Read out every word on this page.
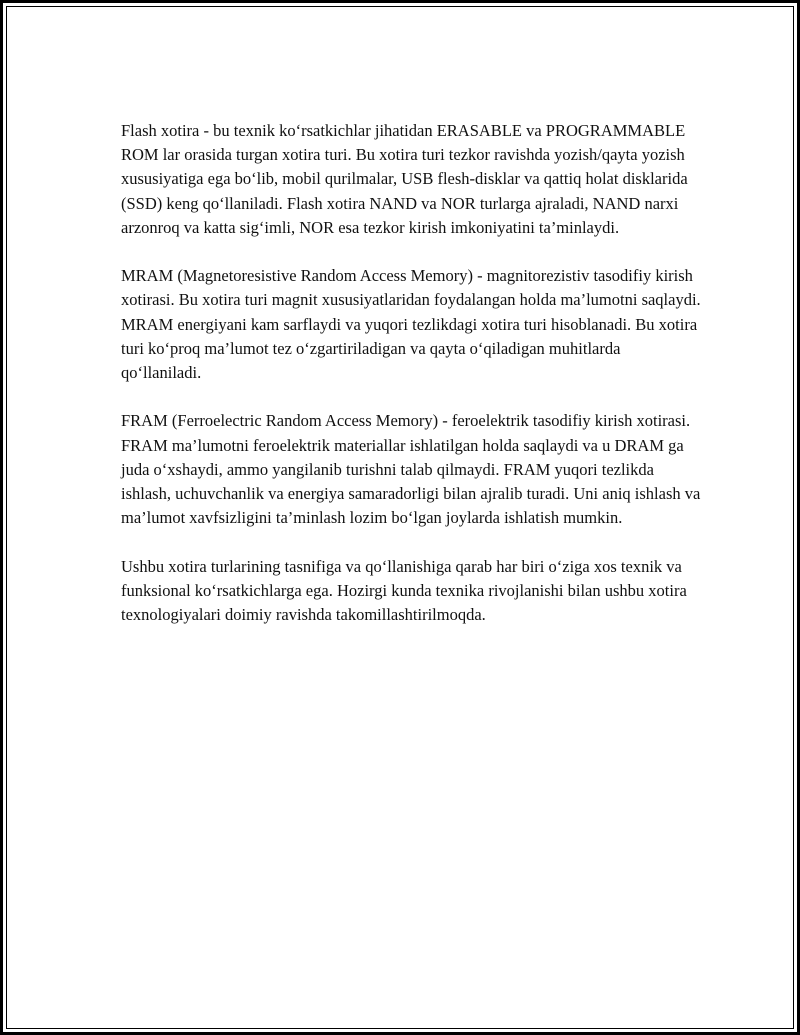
Flash xotira - bu texnik ko‘rsatkichlar jihatidan ERASABLE va PROGRAMMABLE ROM lar orasida turgan xotira turi. Bu xotira turi tezkor ravishda yozish/qayta yozish xususiyatiga ega bo‘lib, mobil qurilmalar, USB flesh-disklar va qattiq holat disklarida (SSD) keng qo‘llaniladi. Flash xotira NAND va NOR turlarga ajraladi, NAND narxi arzonroq va katta sig‘imli, NOR esa tezkor kirish imkoniyatini ta’minlaydi.

MRAM (Magnetoresistive Random Access Memory) - magnitorezistiv tasodifiy kirish xotirasi. Bu xotira turi magnit xususiyatlaridan foydalangan holda ma’lumotni saqlaydi. MRAM energiyani kam sarflaydi va yuqori tezlikdagi xotira turi hisoblanadi. Bu xotira turi ko‘proq ma’lumot tez o‘zgartiriladigan va qayta o‘qiladigan muhitlarda qo‘llaniladi.

FRAM (Ferroelectric Random Access Memory) - feroelektrik tasodifiy kirish xotirasi. FRAM ma’lumotni feroelektrik materiallar ishlatilgan holda saqlaydi va u DRAM ga juda o‘xshaydi, ammo yangilanib turishni talab qilmaydi. FRAM yuqori tezlikda ishlash, uchuvchanlik va energiya samaradorligi bilan ajralib turadi. Uni aniq ishlash va ma’lumot xavfsizligini ta’minlash lozim bo‘lgan joylarda ishlatish mumkin.

Ushbu xotira turlarining tasnifiga va qo‘llanishiga qarab har biri o‘ziga xos texnik va funksional ko‘rsatkichlarga ega. Hozirgi kunda texnika rivojlanishi bilan ushbu xotira texnologiyalari doimiy ravishda takomillashtirilmoqda.
